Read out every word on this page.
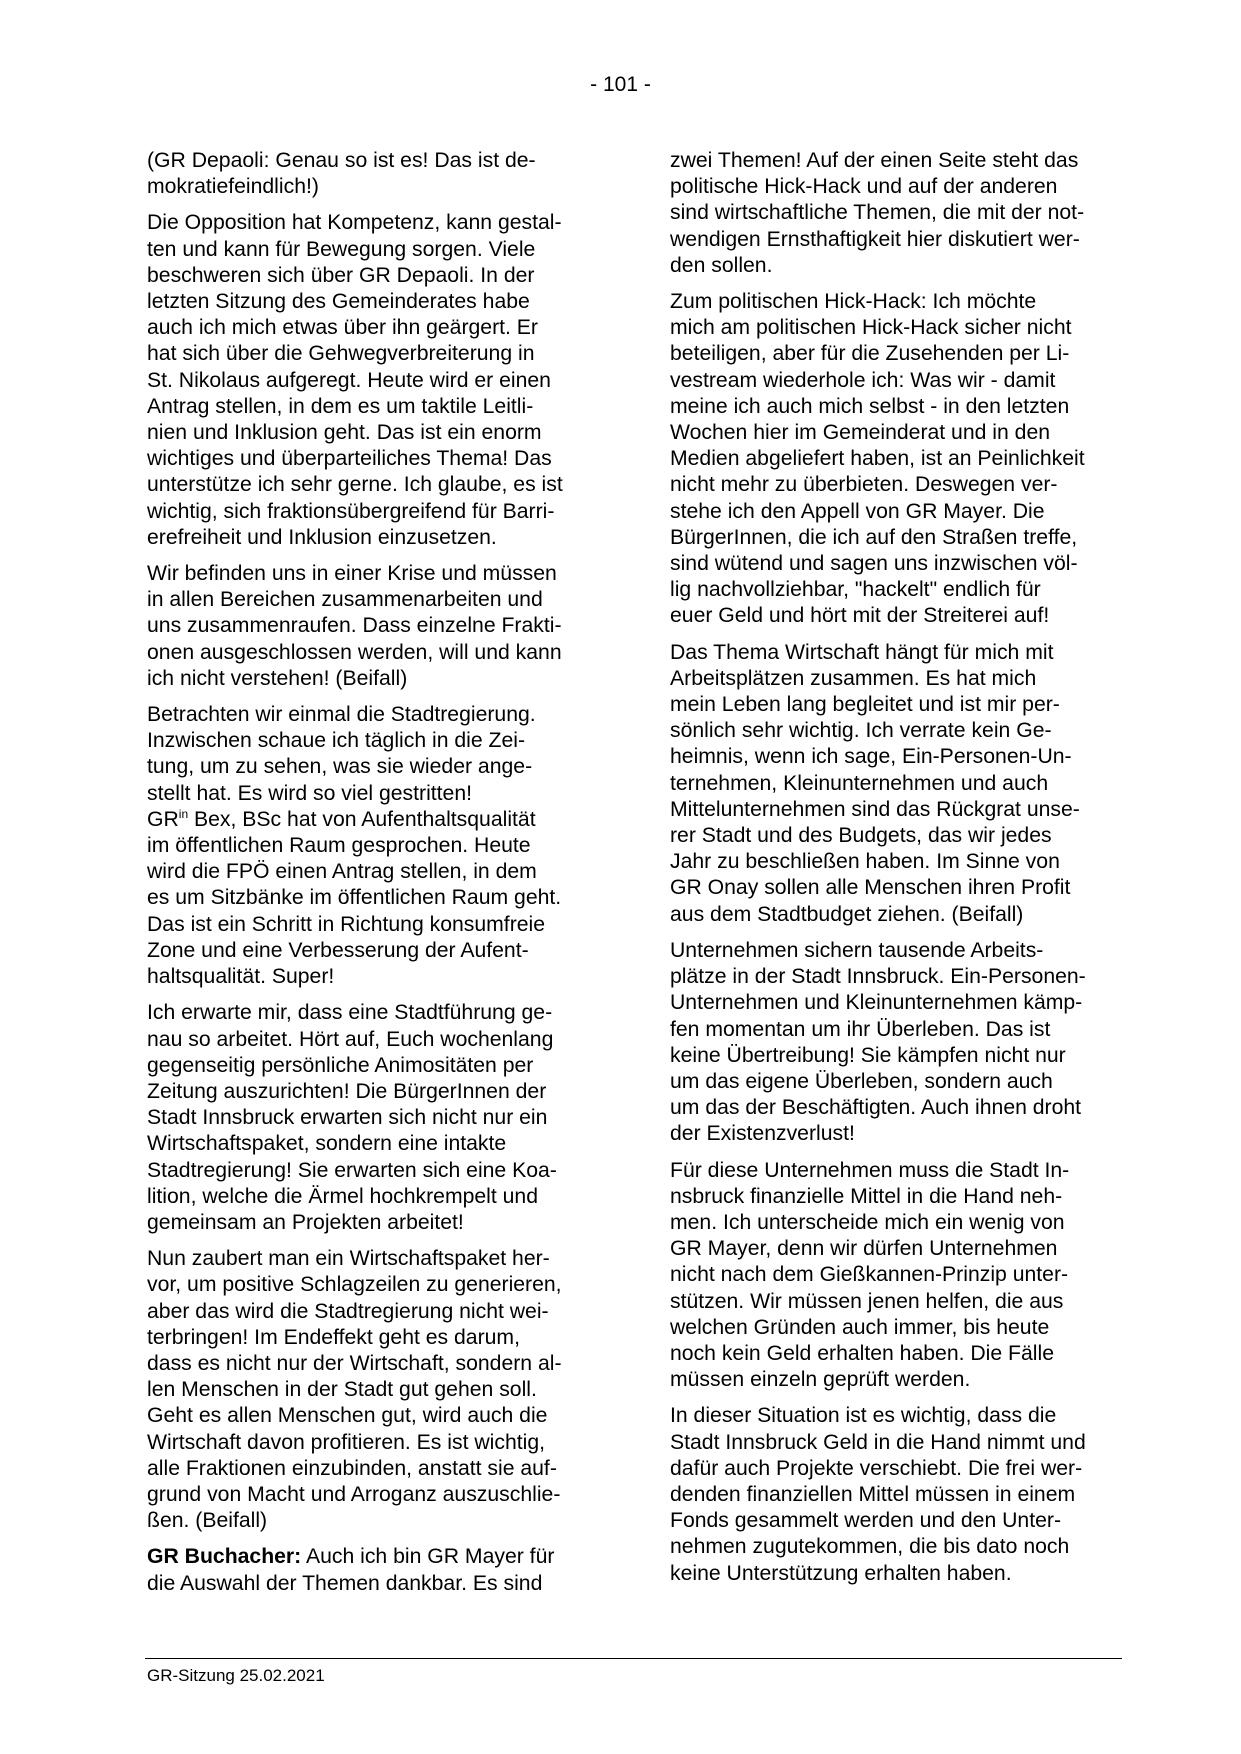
- 101 -

(GR Depaoli: Genau so ist es! Das ist de-
mokratiefeindlich!)

Die Opposition hat Kompetenz, kann gestal-
ten und kann für Bewegung sorgen. Viele
beschweren sich über GR Depaoli. In der
letzten Sitzung des Gemeinderates habe
auch ich mich etwas über ihn geärgert. Er
hat sich über die Gehwegverbreiterung in
St. Nikolaus aufgeregt. Heute wird er einen
Antrag stellen, in dem es um taktile Leitli-
nien und Inklusion geht. Das ist ein enorm
wichtiges und überparteiliches Thema! Das
unterstütze ich sehr gerne. Ich glaube, es ist
wichtig, sich fraktionsübergreifend für Barri-
erefreiheit und Inklusion einzusetzen.

Wir befinden uns in einer Krise und müssen
in allen Bereichen zusammenarbeiten und
uns zusammenraufen. Dass einzelne Frakti-
onen ausgeschlossen werden, will und kann
ich nicht verstehen! (Beifall)

Betrachten wir einmal die Stadtregierung.
Inzwischen schaue ich täglich in die Zei-
tung, um zu sehen, was sie wieder ange-
stellt hat. Es wird so viel gestritten!
$GR^{in}$ Bex, BSc hat von Aufenthaltsqualität
im öffentlichen Raum gesprochen. Heute
wird die FPÖ einen Antrag stellen, in dem
es um Sitzbänke im öffentlichen Raum geht.
Das ist ein Schritt in Richtung konsumfreie
Zone und eine Verbesserung der Aufent-
haltsqualität. Super!

Ich erwarte mir, dass eine Stadtführung ge-
nau so arbeitet. Hört auf, Euch wochenlang
gegenseitig persönliche Animositäten per
Zeitung auszurichten! Die BürgerInnen der
Stadt Innsbruck erwarten sich nicht nur ein
Wirtschaftspaket, sondern eine intakte
Stadtregierung! Sie erwarten sich eine Koa-
lition, welche die Ärmel hochkrempelt und
gemeinsam an Projekten arbeitet!

Nun zaubert man ein Wirtschaftspaket her-
vor, um positive Schlagzeilen zu generieren,
aber das wird die Stadtregierung nicht wei-
terbringen! Im Endeffekt geht es darum,
dass es nicht nur der Wirtschaft, sondern al-
len Menschen in der Stadt gut gehen soll.
Geht es allen Menschen gut, wird auch die
Wirtschaft davon profitieren. Es ist wichtig,
alle Fraktionen einzubinden, anstatt sie auf-
grund von Macht und Arroganz auszuschlie-
ßen. (Beifall)

GR Buchacher: Auch ich bin GR Mayer für
die Auswahl der Themen dankbar. Es sind

zwei Themen! Auf der einen Seite steht das
politische Hick-Hack und auf der anderen
sind wirtschaftliche Themen, die mit der not-
wendigen Ernsthaftigkeit hier diskutiert wer-
den sollen.

Zum politischen Hick-Hack: Ich möchte
mich am politischen Hick-Hack sicher nicht
beteiligen, aber für die Zusehenden per Li-
vestream wiederhole ich: Was wir - damit
meine ich auch mich selbst - in den letzten
Wochen hier im Gemeinderat und in den
Medien abgeliefert haben, ist an Peinlichkeit
nicht mehr zu überbieten. Deswegen ver-
stehe ich den Appell von GR Mayer. Die
BürgerInnen, die ich auf den Straßen treffe,
sind wütend und sagen uns inzwischen völ-
lig nachvollziehbar, "hackelt" endlich für
euer Geld und hört mit der Streiterei auf!

Das Thema Wirtschaft hängt für mich mit
Arbeitsplätzen zusammen. Es hat mich
mein Leben lang begleitet und ist mir per-
sönlich sehr wichtig. Ich verrate kein Ge-
heimnis, wenn ich sage, Ein-Personen-Un-
ternehmen, Kleinunternehmen und auch
Mittelunternehmen sind das Rückgrat unse-
rer Stadt und des Budgets, das wir jedes
Jahr zu beschließen haben. Im Sinne von
GR Onay sollen alle Menschen ihren Profit
aus dem Stadtbudget ziehen. (Beifall)

Unternehmen sichern tausende Arbeits-
plätze in der Stadt Innsbruck. Ein-Personen-
Unternehmen und Kleinunternehmen kämp-
fen momentan um ihr Überleben. Das ist
keine Übertreibung! Sie kämpfen nicht nur
um das eigene Überleben, sondern auch
um das der Beschäftigten. Auch ihnen droht
der Existenzverlust!

Für diese Unternehmen muss die Stadt In-
nsbruck finanzielle Mittel in die Hand neh-
men. Ich unterscheide mich ein wenig von
GR Mayer, denn wir dürfen Unternehmen
nicht nach dem Gießkannen-Prinzip unter-
stützen. Wir müssen jenen helfen, die aus
welchen Gründen auch immer, bis heute
noch kein Geld erhalten haben. Die Fälle
müssen einzeln geprüft werden.

In dieser Situation ist es wichtig, dass die
Stadt Innsbruck Geld in die Hand nimmt und
dafür auch Projekte verschiebt. Die frei wer-
denden finanziellen Mittel müssen in einem
Fonds gesammelt werden und den Unter-
nehmen zugutekommen, die bis dato noch
keine Unterstützung erhalten haben.

GR-Sitzung 25.02.2021
